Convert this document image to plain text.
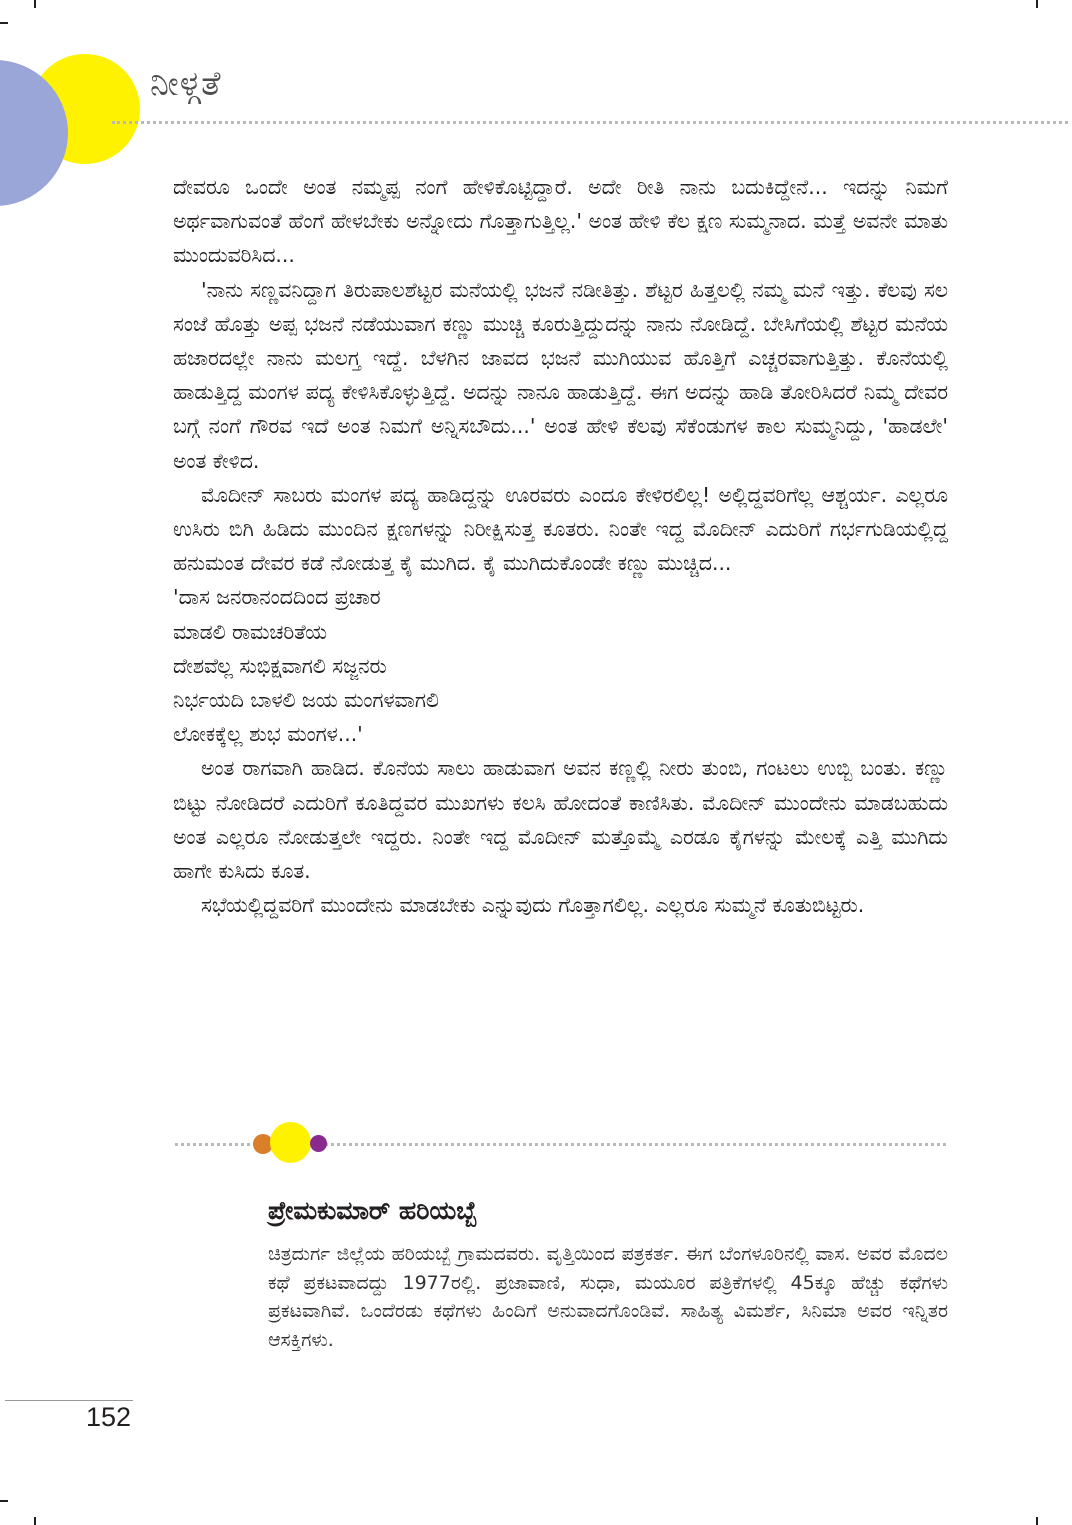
ನೀಳ್ಗತೆ

ದೇವರೂ ಒಂದೇ ಅಂತ ನಮ್ಮಪ್ಪ ನಂಗೆ ಹೇಳಿಕೊಟ್ಟಿದ್ದಾರೆ. ಅದೇ ರೀತಿ ನಾನು ಬದುಕಿದ್ದೇನೆ... ಇದನ್ನು ನಿಮಗೆ ಅರ್ಥವಾಗುವಂತೆ ಹೆಂಗೆ ಹೇಳಬೇಕು ಅನ್ನೋದು ಗೊತ್ತಾಗುತ್ತಿಲ್ಲ.' ಅಂತ ಹೇಳಿ ಕೆಲ ಕ್ಷಣ ಸುಮ್ಮನಾದ. ಮತ್ತೆ ಅವನೇ ಮಾತು ಮುಂದುವರಿಸಿದ...

'ನಾನು ಸಣ್ಣವನಿದ್ದಾಗ ತಿರುಪಾಲಶೆಟ್ಟರ ಮನೆಯಲ್ಲಿ ಭಜನೆ ನಡೀತಿತ್ತು. ಶೆಟ್ಟರ ಹಿತ್ತಲಲ್ಲಿ ನಮ್ಮ ಮನೆ ಇತ್ತು. ಕೆಲವು ಸಲ ಸಂಜೆ ಹೊತ್ತು ಅಪ್ಪ ಭಜನೆ ನಡೆಯುವಾಗ ಕಣ್ಣು ಮುಚ್ಚಿ ಕೂರುತ್ತಿದ್ದುದನ್ನು ನಾನು ನೋಡಿದ್ದೆ. ಬೇಸಿಗೆಯಲ್ಲಿ ಶೆಟ್ಟರ ಮನೆಯ ಹಜಾರದಲ್ಲೇ ನಾನು ಮಲಗ್ತ ಇದ್ದೆ. ಬೆಳಗಿನ ಜಾವದ ಭಜನೆ ಮುಗಿಯುವ ಹೊತ್ತಿಗೆ ಎಚ್ಚರವಾಗುತ್ತಿತ್ತು. ಕೊನೆಯಲ್ಲಿ ಹಾಡುತ್ತಿದ್ದ ಮಂಗಳ ಪದ್ಯ ಕೇಳಿಸಿಕೊಳ್ಳುತ್ತಿದ್ದೆ. ಅದನ್ನು ನಾನೂ ಹಾಡುತ್ತಿದ್ದೆ. ಈಗ ಅದನ್ನು ಹಾಡಿ ತೋರಿಸಿದರೆ ನಿಮ್ಮ ದೇವರ ಬಗ್ಗೆ ನಂಗೆ ಗೌರವ ಇದೆ ಅಂತ ನಿಮಗೆ ಅನ್ನಿಸಬೌದು...' ಅಂತ ಹೇಳಿ ಕೆಲವು ಸೆಕೆಂಡುಗಳ ಕಾಲ ಸುಮ್ಮನಿದ್ದು, 'ಹಾಡಲೇ' ಅಂತ ಕೇಳಿದ.

ಮೊದೀನ್ ಸಾಬರು ಮಂಗಳ ಪದ್ಯ ಹಾಡಿದ್ದನ್ನು ಊರವರು ಎಂದೂ ಕೇಳಿರಲಿಲ್ಲ! ಅಲ್ಲಿದ್ದವರಿಗೆಲ್ಲ ಆಶ್ಚರ್ಯ. ಎಲ್ಲರೂ ಉಸಿರು ಬಿಗಿ ಹಿಡಿದು ಮುಂದಿನ ಕ್ಷಣಗಳನ್ನು ನಿರೀಕ್ಷಿಸುತ್ತ ಕೂತರು. ನಿಂತೇ ಇದ್ದ ಮೊದೀನ್ ಎದುರಿಗೆ ಗರ್ಭಗುಡಿಯಲ್ಲಿದ್ದ ಹನುಮಂತ ದೇವರ ಕಡೆ ನೋಡುತ್ತ ಕೈ ಮುಗಿದ. ಕೈ ಮುಗಿದುಕೊಂಡೇ ಕಣ್ಣು ಮುಚ್ಚಿದ...

'ದಾಸ ಜನರಾನಂದದಿಂದ ಪ್ರಚಾರ
ಮಾಡಲಿ ರಾಮಚರಿತೆಯ
ದೇಶವೆಲ್ಲ ಸುಭಿಕ್ಷವಾಗಲಿ ಸಜ್ಜನರು
ನಿರ್ಭಯದಿ ಬಾಳಲಿ ಜಯ ಮಂಗಳವಾಗಲಿ
ಲೋಕಕ್ಕೆಲ್ಲ ಶುಭ ಮಂಗಳ...'

ಅಂತ ರಾಗವಾಗಿ ಹಾಡಿದ. ಕೊನೆಯ ಸಾಲು ಹಾಡುವಾಗ ಅವನ ಕಣ್ಣಲ್ಲಿ ನೀರು ತುಂಬಿ, ಗಂಟಲು ಉಬ್ಬಿ ಬಂತು. ಕಣ್ಣು ಬಿಟ್ಟು ನೋಡಿದರೆ ಎದುರಿಗೆ ಕೂತಿದ್ದವರ ಮುಖಗಳು ಕಲಸಿ ಹೋದಂತೆ ಕಾಣಿಸಿತು. ಮೊದೀನ್ ಮುಂದೇನು ಮಾಡಬಹುದು ಅಂತ ಎಲ್ಲರೂ ನೋಡುತ್ತಲೇ ಇದ್ದರು. ನಿಂತೇ ಇದ್ದ ಮೊದೀನ್ ಮತ್ತೊಮ್ಮೆ ಎರಡೂ ಕೈಗಳನ್ನು ಮೇಲಕ್ಕೆ ಎತ್ತಿ ಮುಗಿದು ಹಾಗೇ ಕುಸಿದು ಕೂತ.

ಸಭೆಯಲ್ಲಿದ್ದವರಿಗೆ ಮುಂದೇನು ಮಾಡಬೇಕು ಎನ್ನುವುದು ಗೊತ್ತಾಗಲಿಲ್ಲ. ಎಲ್ಲರೂ ಸುಮ್ಮನೆ ಕೂತುಬಿಟ್ಟರು.

ಪ್ರೇಮಕುಮಾರ್ ಹರಿಯಬ್ಬೆ
ಚಿತ್ರದುರ್ಗ ಜಿಲ್ಲೆಯ ಹರಿಯಬ್ಬೆ ಗ್ರಾಮದವರು. ವೃತ್ತಿಯಿಂದ ಪತ್ರಕರ್ತ. ಈಗ ಬೆಂಗಳೂರಿನಲ್ಲಿ ವಾಸ. ಅವರ ಮೊದಲ ಕಥೆ ಪ್ರಕಟವಾದದ್ದು 1977ರಲ್ಲಿ. ಪ್ರಜಾವಾಣಿ, ಸುಧಾ, ಮಯೂರ ಪತ್ರಿಕೆಗಳಲ್ಲಿ 45ಕ್ಕೂ ಹೆಚ್ಚು ಕಥೆಗಳು ಪ್ರಕಟವಾಗಿವೆ. ಒಂದೆರಡು ಕಥೆಗಳು ಹಿಂದಿಗೆ ಅನುವಾದಗೊಂಡಿವೆ. ಸಾಹಿತ್ಯ ವಿಮರ್ಶೆ, ಸಿನಿಮಾ ಅವರ ಇನ್ನಿತರ ಆಸಕ್ತಿಗಳು.
152
